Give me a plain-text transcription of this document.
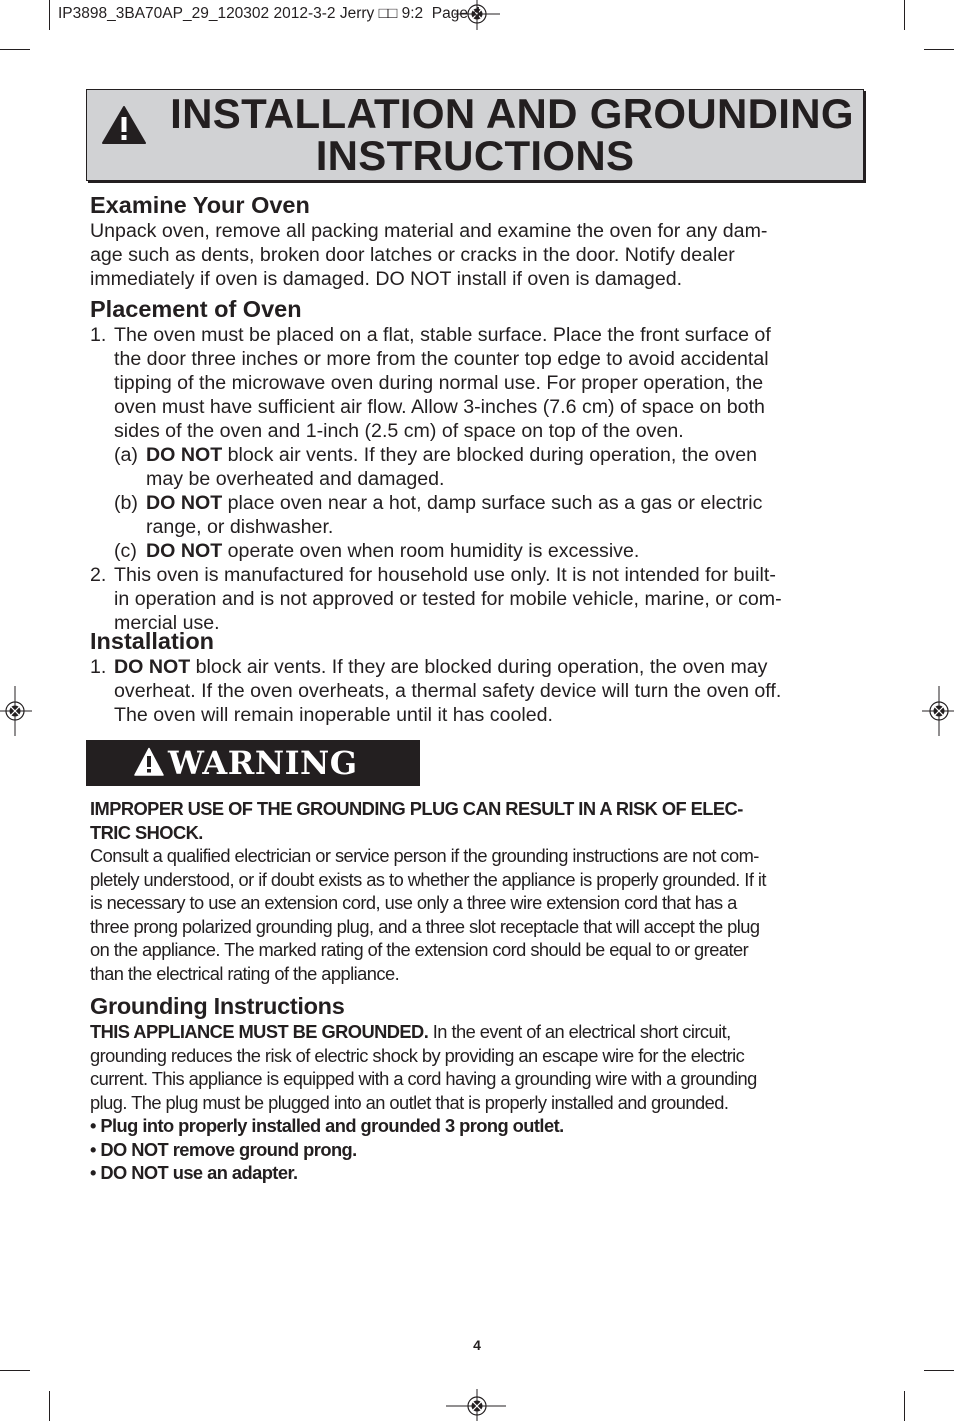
IP3898_3BA70AP_29_120302 2012-3-2 Jerry □□ 9:2 Page 4
INSTALLATION AND GROUNDING
INSTRUCTIONS
Examine Your Oven
Unpack oven, remove all packing material and examine the oven for any dam-
age such as dents, broken door latches or cracks in the door. Notify dealer
immediately if oven is damaged. DO NOT install if oven is damaged.
Placement of Oven
1. The oven must be placed on a flat, stable surface. Place the front surface of
the door three inches or more from the counter top edge to avoid accidental
tipping of the microwave oven during normal use. For proper operation, the
oven must have sufficient air flow. Allow 3-inches (7.6 cm) of space on both
sides of the oven and 1-inch (2.5 cm) of space on top of the oven.
(a) DO NOT block air vents. If they are blocked during operation, the oven
may be overheated and damaged.
(b) DO NOT place oven near a hot, damp surface such as a gas or electric
range, or dishwasher.
(c) DO NOT operate oven when room humidity is excessive.
2. This oven is manufactured for household use only. It is not intended for built-
in operation and is not approved or tested for mobile vehicle, marine, or com-
mercial use.
Installation
1. DO NOT block air vents. If they are blocked during operation, the oven may
overheat. If the oven overheats, a thermal safety device will turn the oven off.
The oven will remain inoperable until it has cooled.
WARNING
IMPROPER USE OF THE GROUNDING PLUG CAN RESULT IN A RISK OF ELEC-
TRIC SHOCK.
Consult a qualified electrician or service person if the grounding instructions are not com-
pletely understood, or if doubt exists as to whether the appliance is properly grounded. If it
is necessary to use an extension cord, use only a three wire extension cord that has a
three prong polarized grounding plug, and a three slot receptacle that will accept the plug
on the appliance. The marked rating of the extension cord should be equal to or greater
than the electrical rating of the appliance.
Grounding Instructions
THIS APPLIANCE MUST BE GROUNDED. In the event of an electrical short circuit,
grounding reduces the risk of electric shock by providing an escape wire for the electric
current. This appliance is equipped with a cord having a grounding wire with a grounding
plug. The plug must be plugged into an outlet that is properly installed and grounded.
• Plug into properly installed and grounded 3 prong outlet.
• DO NOT remove ground prong.
• DO NOT use an adapter.
4
